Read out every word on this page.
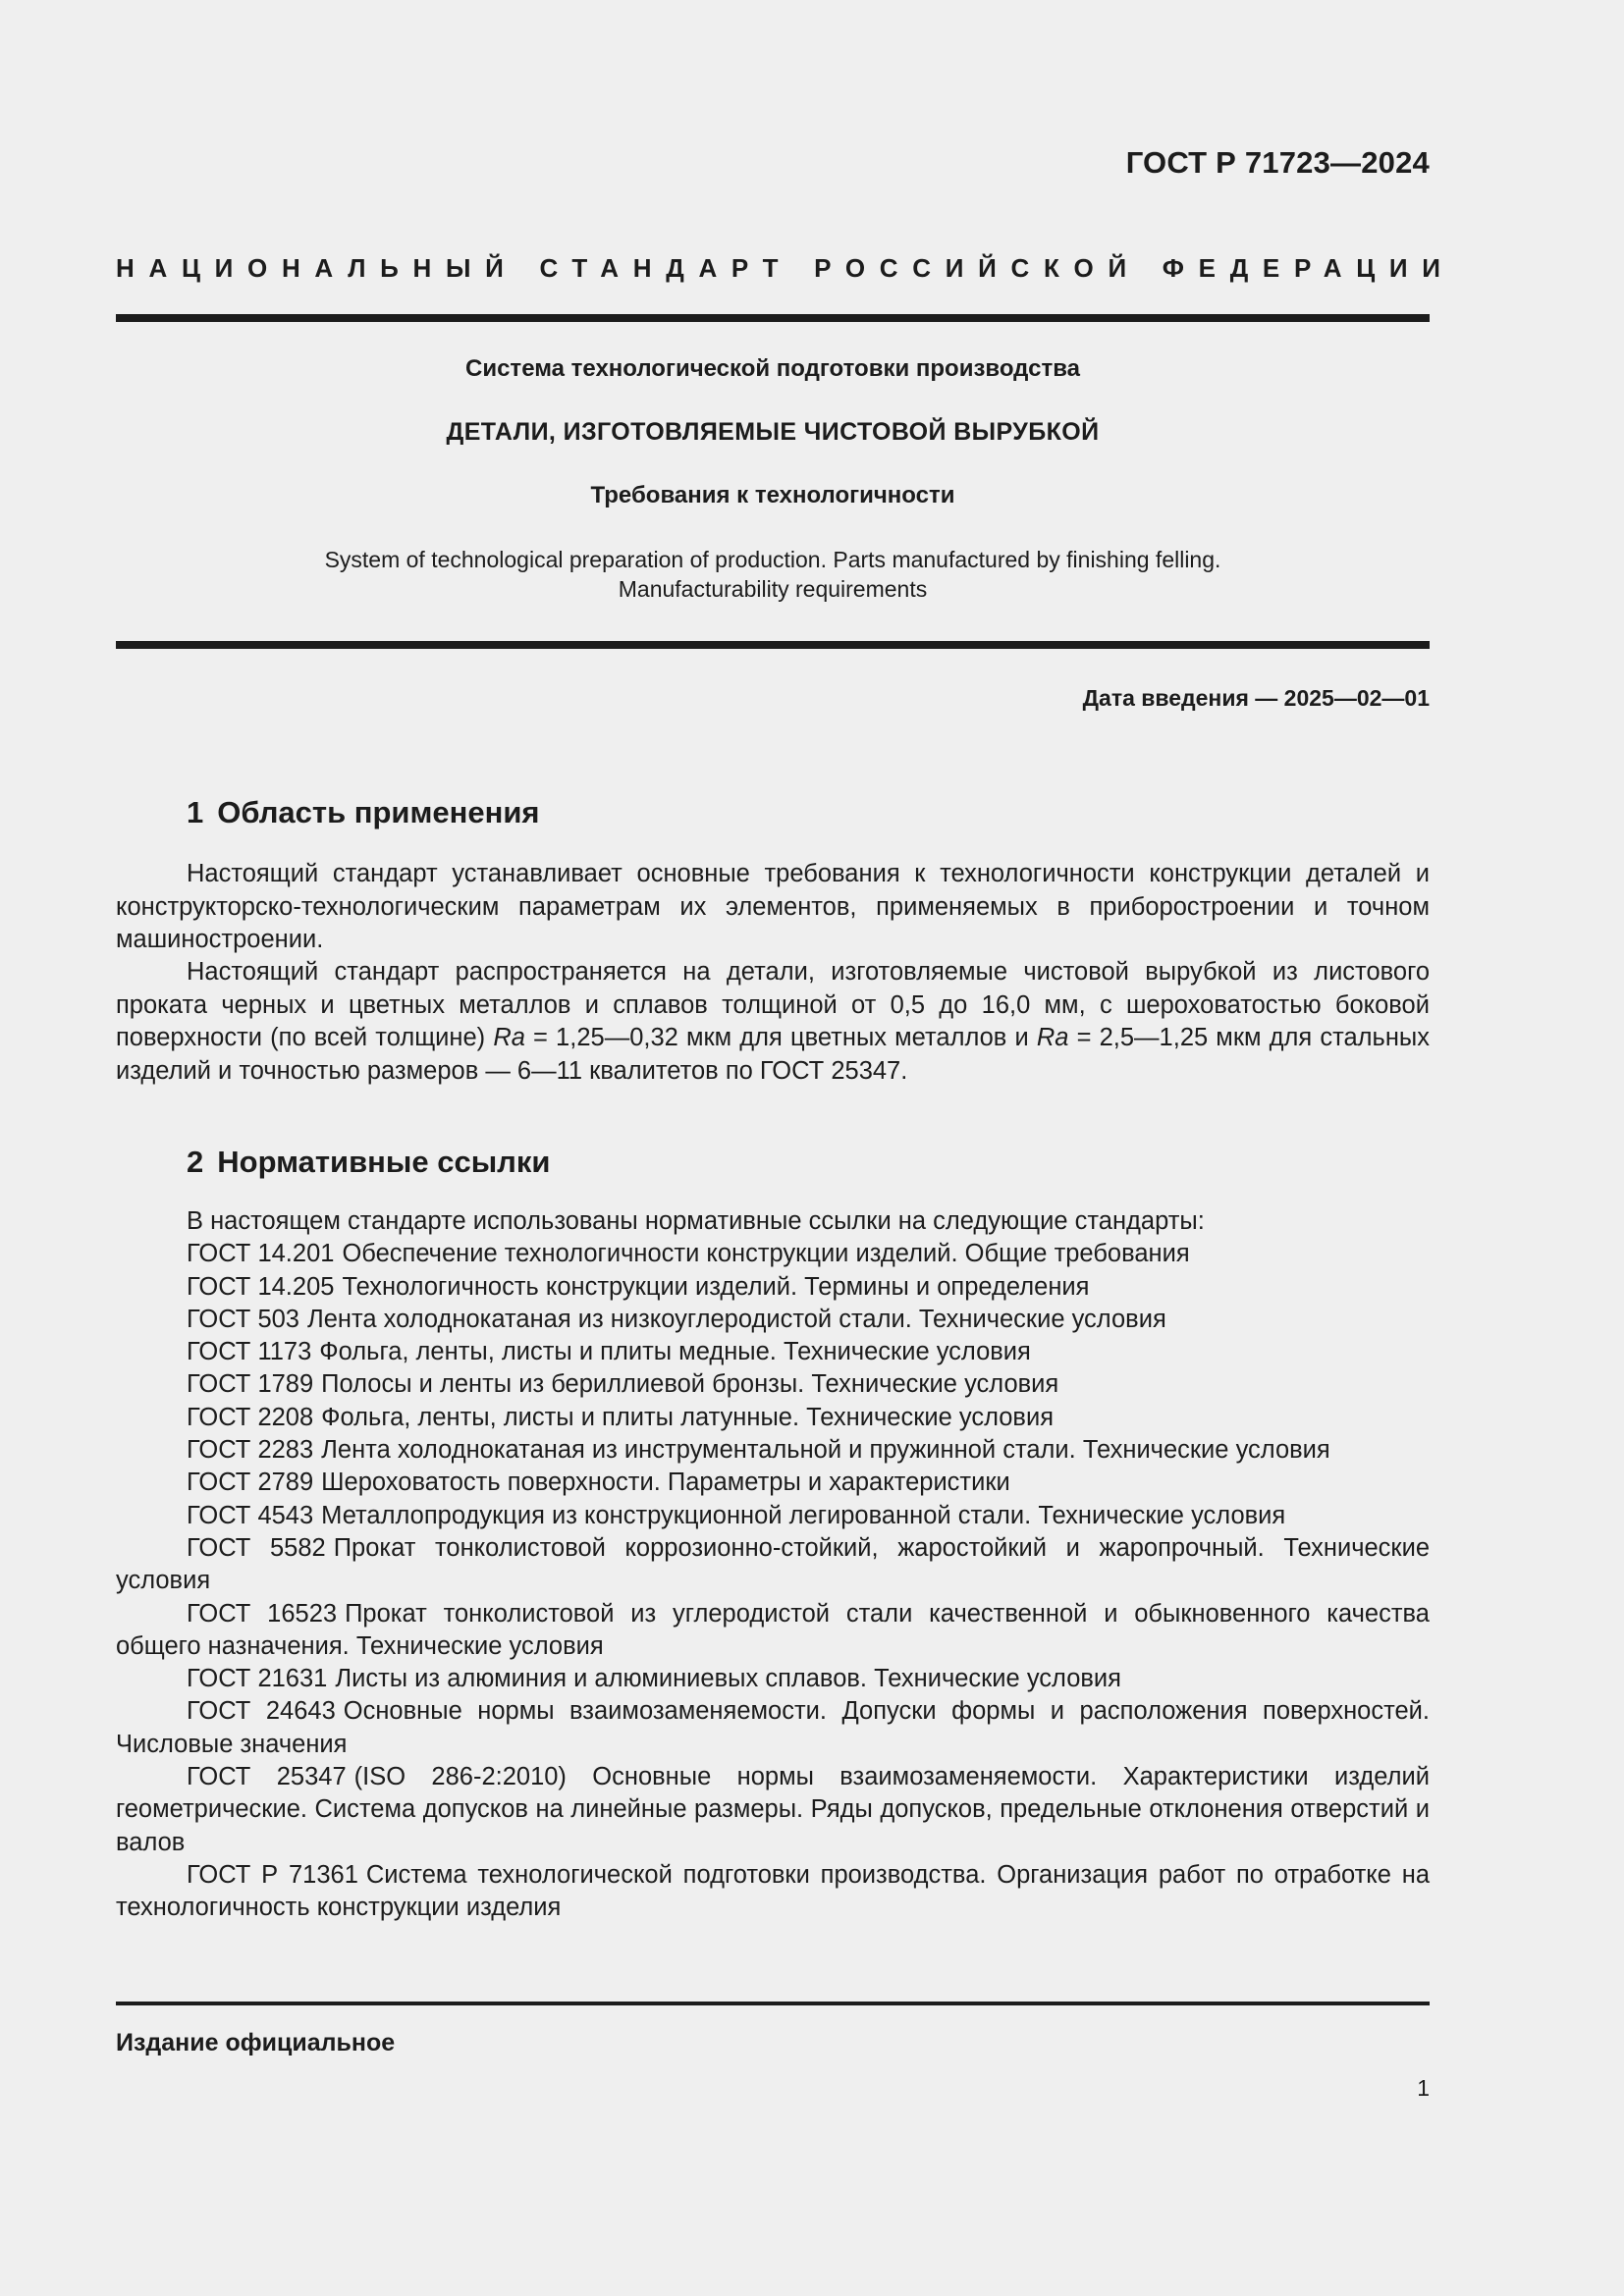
ГОСТ Р 71723—2024
НАЦИОНАЛЬНЫЙ СТАНДАРТ РОССИЙСКОЙ ФЕДЕРАЦИИ
Система технологической подготовки производства
ДЕТАЛИ, ИЗГОТОВЛЯЕМЫЕ ЧИСТОВОЙ ВЫРУБКОЙ
Требования к технологичности
System of technological preparation of production. Parts manufactured by finishing felling.
Manufacturability requirements
Дата введения — 2025—02—01
1 Область применения
Настоящий стандарт устанавливает основные требования к технологичности конструкции деталей и конструкторско-технологическим параметрам их элементов, применяемых в приборостроении и точном машиностроении.
Настоящий стандарт распространяется на детали, изготовляемые чистовой вырубкой из листового проката черных и цветных металлов и сплавов толщиной от 0,5 до 16,0 мм, с шероховатостью боковой поверхности (по всей толщине) Ra = 1,25—0,32 мкм для цветных металлов и Ra = 2,5—1,25 мкм для стальных изделий и точностью размеров — 6—11 квалитетов по ГОСТ 25347.
2 Нормативные ссылки
В настоящем стандарте использованы нормативные ссылки на следующие стандарты:
ГОСТ 14.201 Обеспечение технологичности конструкции изделий. Общие требования
ГОСТ 14.205 Технологичность конструкции изделий. Термины и определения
ГОСТ 503 Лента холоднокатаная из низкоуглеродистой стали. Технические условия
ГОСТ 1173 Фольга, ленты, листы и плиты медные. Технические условия
ГОСТ 1789 Полосы и ленты из бериллиевой бронзы. Технические условия
ГОСТ 2208 Фольга, ленты, листы и плиты латунные. Технические условия
ГОСТ 2283 Лента холоднокатаная из инструментальной и пружинной стали. Технические условия
ГОСТ 2789 Шероховатость поверхности. Параметры и характеристики
ГОСТ 4543 Металлопродукция из конструкционной легированной стали. Технические условия
ГОСТ 5582 Прокат тонколистовой коррозионно-стойкий, жаростойкий и жаропрочный. Технические условия
ГОСТ 16523 Прокат тонколистовой из углеродистой стали качественной и обыкновенного качества общего назначения. Технические условия
ГОСТ 21631 Листы из алюминия и алюминиевых сплавов. Технические условия
ГОСТ 24643 Основные нормы взаимозаменяемости. Допуски формы и расположения поверхностей. Числовые значения
ГОСТ 25347 (ISO 286-2:2010) Основные нормы взаимозаменяемости. Характеристики изделий геометрические. Система допусков на линейные размеры. Ряды допусков, предельные отклонения отверстий и валов
ГОСТ Р 71361 Система технологической подготовки производства. Организация работ по отработке на технологичность конструкции изделия
Издание официальное
1
